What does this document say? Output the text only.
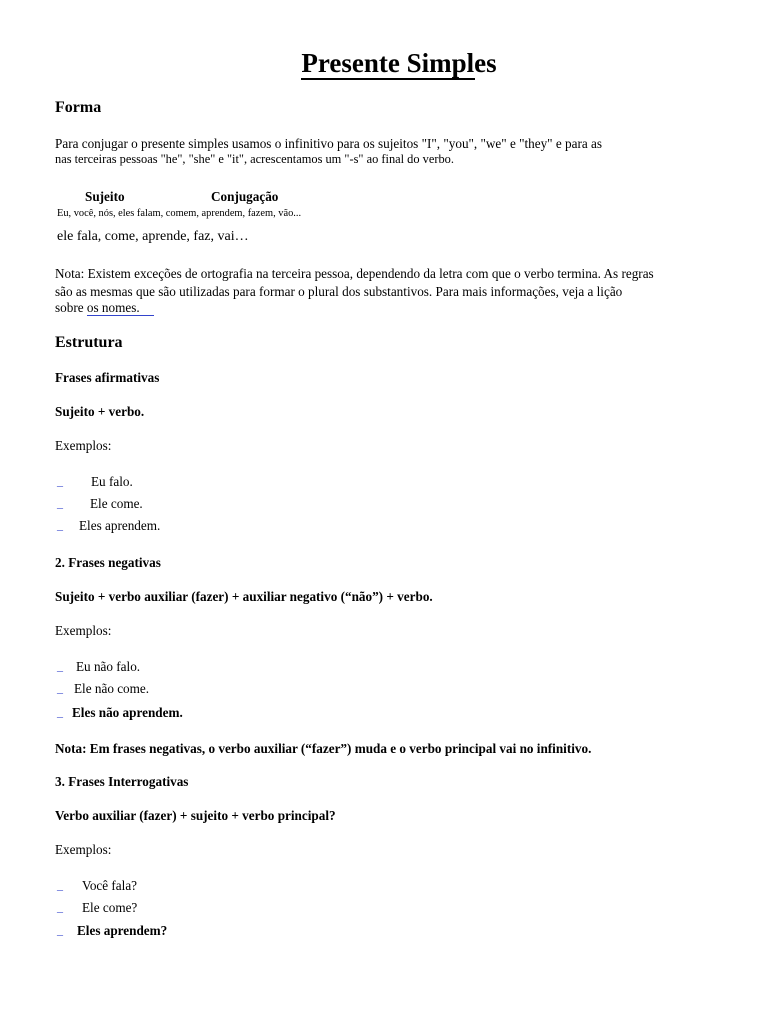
Presente Simples
Forma
Para conjugar o presente simples usamos o infinitivo para os sujeitos "I", "you", "we" e "they" e para as
nas terceiras pessoas "he", "she" e "it", acrescentamos um "-s" ao final do verbo.
Sujeito	Conjugação
Eu, você, nós, eles falam, comem, aprendem, fazem, vão...
ele fala, come, aprende, faz, vai…
Nota: Existem exceções de ortografia na terceira pessoa, dependendo da letra com que o verbo termina. As regras
são as mesmas que são utilizadas para formar o plural dos substantivos. Para mais informações, veja a lição
sobre os nomes.
Estrutura
Frases afirmativas
Sujeito + verbo.
Exemplos:
_ Eu falo.
_ Ele come.
_ Eles aprendem.
2. Frases negativas
Sujeito + verbo auxiliar (fazer) + auxiliar negativo (“não”) + verbo.
Exemplos:
_ Eu não falo.
_ Ele não come.
_ Eles não aprendem.
Nota: Em frases negativas, o verbo auxiliar (“fazer”) muda e o verbo principal vai no infinitivo.
3. Frases Interrogativas
Verbo auxiliar (fazer) + sujeito + verbo principal?
Exemplos:
_ Você fala?
_ Ele come?
_ Eles aprendem?
